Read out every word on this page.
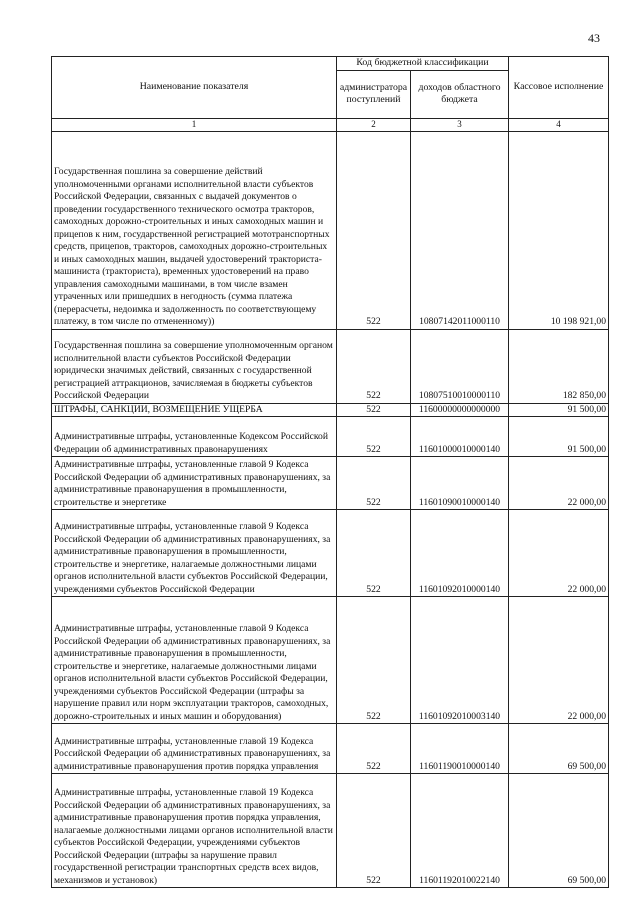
43
Наименование показателя	Код бюджетной классификации		Кассовое исполнение
	администратора поступлений	доходов областного бюджета	
1	2	3	4
Государственная пошлина за совершение действий уполномоченными органами исполнительной власти субъектов Российской Федерации, связанных с выдачей документов о проведении государственного технического осмотра тракторов, самоходных дорожно-строительных и иных самоходных машин и прицепов к ним, государственной регистрацией мототранспортных средств, прицепов, тракторов, самоходных дорожно-строительных и иных самоходных машин, выдачей удостоверений тракториста-машиниста (тракториста), временных удостоверений на право управления самоходными машинами, в том числе взамен утраченных или пришедших в негодность (сумма платежа (перерасчеты, недоимка и задолженность по соответствующему платежу, в том числе по отмененному))	522	10807142011000110	10 198 921,00
Государственная пошлина за совершение уполномоченным органом исполнительной власти субъектов Российской Федерации юридически значимых действий, связанных с государственной регистрацией аттракционов, зачисляемая в бюджеты субъектов Российской Федерации	522	10807510010000110	182 850,00
ШТРАФЫ, САНКЦИИ, ВОЗМЕЩЕНИЕ УЩЕРБА	522	11600000000000000	91 500,00
Административные штрафы, установленные Кодексом Российской Федерации об административных правонарушениях	522	11601000010000140	91 500,00
Административные штрафы, установленные главой 9 Кодекса Российской Федерации об административных правонарушениях, за административные правонарушения в промышленности, строительстве и энергетике	522	11601090010000140	22 000,00
Административные штрафы, установленные главой 9 Кодекса Российской Федерации об административных правонарушениях, за административные правонарушения в промышленности, строительстве и энергетике, налагаемые должностными лицами органов исполнительной власти субъектов Российской Федерации, учреждениями субъектов Российской Федерации	522	11601092010000140	22 000,00
Административные штрафы, установленные главой 9 Кодекса Российской Федерации об административных правонарушениях, за административные правонарушения в промышленности, строительстве и энергетике, налагаемые должностными лицами органов исполнительной власти субъектов Российской Федерации, учреждениями субъектов Российской Федерации (штрафы за нарушение правил или норм эксплуатации тракторов, самоходных, дорожно-строительных и иных машин и оборудования)	522	11601092010003140	22 000,00
Административные штрафы, установленные главой 19 Кодекса Российской Федерации об административных правонарушениях, за административные правонарушения против порядка управления	522	11601190010000140	69 500,00
Административные штрафы, установленные главой 19 Кодекса Российской Федерации об административных правонарушениях, за административные правонарушения против порядка управления, налагаемые должностными лицами органов исполнительной власти субъектов Российской Федерации, учреждениями субъектов Российской Федерации (штрафы за нарушение правил государственной регистрации транспортных средств всех видов, механизмов и установок)	522	11601192010022140	69 500,00
